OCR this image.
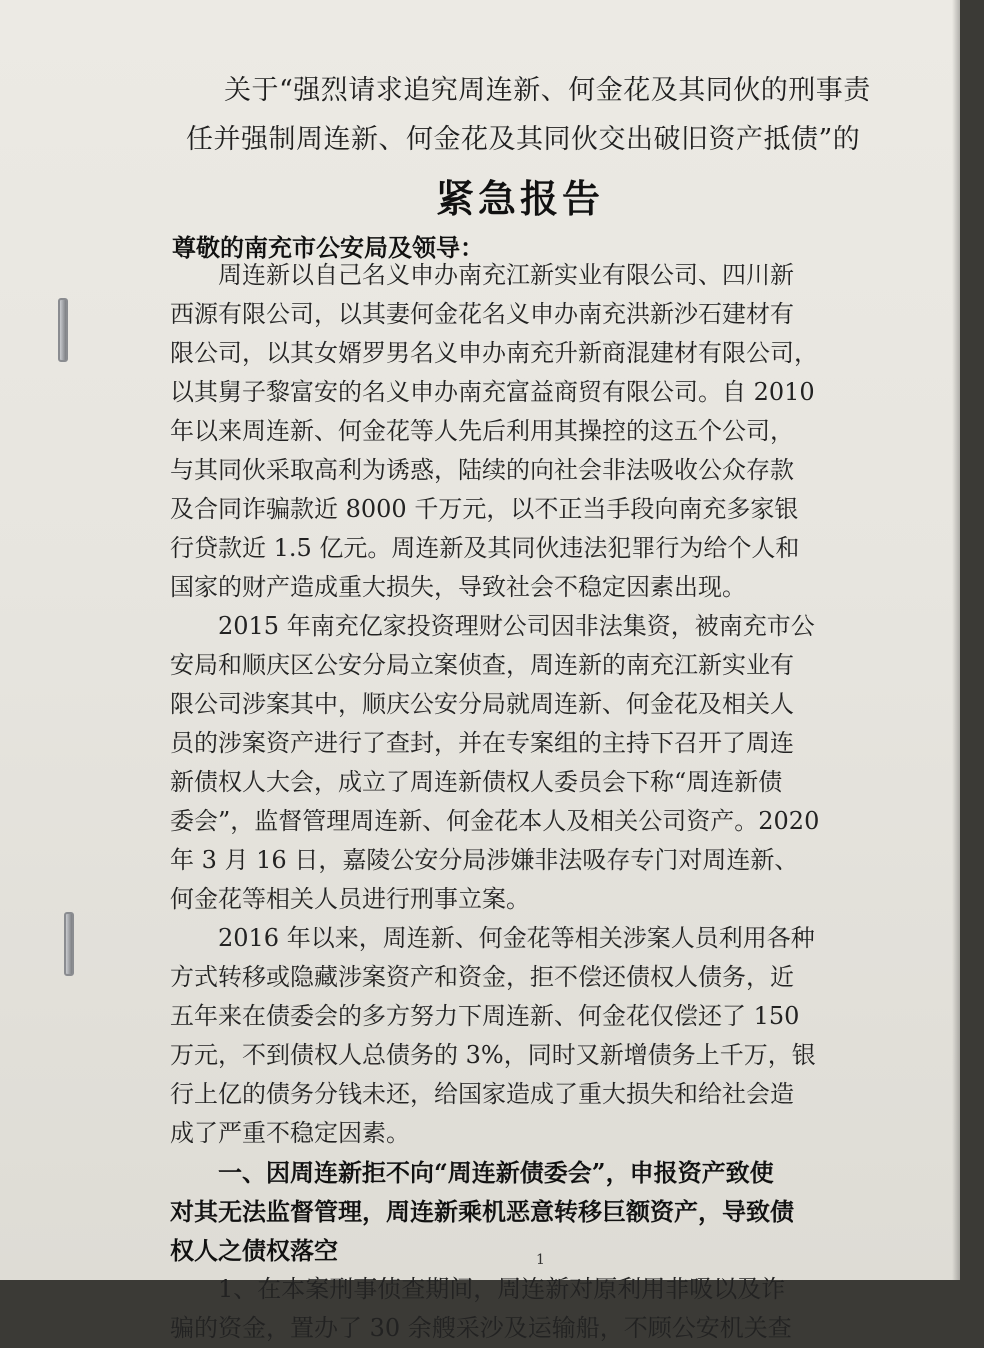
关于“强烈请求追究周连新、何金花及其同伙的刑事责
任并强制周连新、何金花及其同伙交出破旧资产抵债”的
紧急报告
尊敬的南充市公安局及领导：
　　周连新以自己名义申办南充江新实业有限公司、四川新
西源有限公司，以其妻何金花名义申办南充洪新沙石建材有
限公司，以其女婿罗男名义申办南充升新商混建材有限公司，
以其舅子黎富安的名义申办南充富益商贸有限公司。自 2010
年以来周连新、何金花等人先后利用其操控的这五个公司，
与其同伙采取高利为诱惑，陆续的向社会非法吸收公众存款
及合同诈骗款近 8000 千万元，以不正当手段向南充多家银
行贷款近 1.5 亿元。周连新及其同伙违法犯罪行为给个人和
国家的财产造成重大损失，导致社会不稳定因素出现。
　　2015 年南充亿家投资理财公司因非法集资，被南充市公
安局和顺庆区公安分局立案侦查，周连新的南充江新实业有
限公司涉案其中，顺庆公安分局就周连新、何金花及相关人
员的涉案资产进行了查封，并在专案组的主持下召开了周连
新债权人大会，成立了周连新债权人委员会下称“周连新债
委会”，监督管理周连新、何金花本人及相关公司资产。2020
年 3 月 16 日，嘉陵公安分局涉嫌非法吸存专门对周连新、
何金花等相关人员进行刑事立案。
　　2016 年以来，周连新、何金花等相关涉案人员利用各种
方式转移或隐藏涉案资产和资金，拒不偿还债权人债务，近
五年来在债委会的多方努力下周连新、何金花仅偿还了 150
万元，不到债权人总债务的 3%，同时又新增债务上千万，银
行上亿的债务分钱未还，给国家造成了重大损失和给社会造
成了严重不稳定因素。
　　一、因周连新拒不向“周连新债委会”，申报资产致使
对其无法监督管理，周连新乘机恶意转移巨额资产，导致债
权人之债权落空
　　1、在本案刑事侦查期间，周连新对原利用非吸以及诈
骗的资金，置办了 30 余艘采沙及运输船，不顾公安机关查
1
